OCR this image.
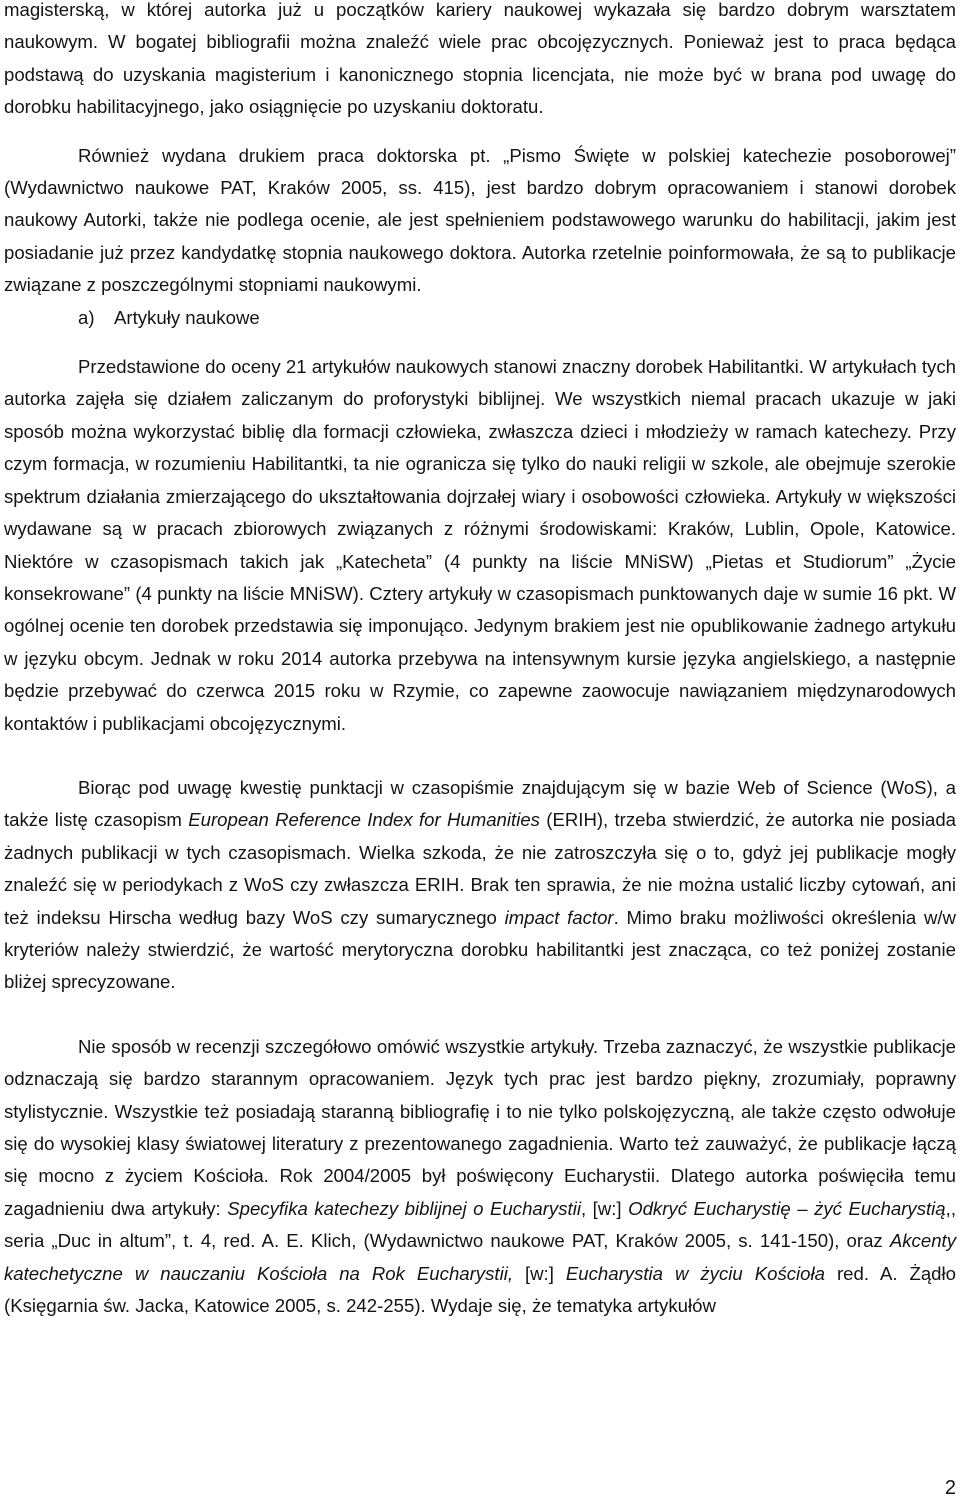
magisterską, w której autorka już u początków kariery naukowej wykazała się bardzo dobrym warsztatem naukowym. W bogatej bibliografii można znaleźć wiele prac obcojęzycznych. Ponieważ jest to praca będąca podstawą do uzyskania magisterium i kanonicznego stopnia licencjata, nie może być w brana pod uwagę do dorobku habilitacyjnego, jako osiągnięcie po uzyskaniu doktoratu.

Również wydana drukiem praca doktorska pt. „Pismo Święte w polskiej katechezie posoborowej” (Wydawnictwo naukowe PAT, Kraków 2005, ss. 415), jest bardzo dobrym opracowaniem i stanowi dorobek naukowy Autorki, także nie podlega ocenie, ale jest spełnieniem podstawowego warunku do habilitacji, jakim jest posiadanie już przez kandydatkę stopnia naukowego doktora. Autorka rzetelnie poinformowała, że są to publikacje związane z poszczególnymi stopniami naukowymi.

a) Artykuły naukowe

Przedstawione do oceny 21 artykułów naukowych stanowi znaczny dorobek Habilitantki. W artykułach tych autorka zajęła się działem zaliczanym do proforystyki biblijnej. We wszystkich niemal pracach ukazuje w jaki sposób można wykorzystać biblię dla formacji człowieka, zwłaszcza dzieci i młodzieży w ramach katechezy. Przy czym formacja, w rozumieniu Habilitantki, ta nie ogranicza się tylko do nauki religii w szkole, ale obejmuje szerokie spektrum działania zmierzającego do ukształtowania dojrzałej wiary i osobowości człowieka. Artykuły w większości wydawane są w pracach zbiorowych związanych z różnymi środowiskami: Kraków, Lublin, Opole, Katowice. Niektóre w czasopismach takich jak „Katecheta” (4 punkty na liście MNiSW) „Pietas et Studiorum” „Życie konsekrowane” (4 punkty na liście MNiSW). Cztery artykuły w czasopismach punktowanych daje w sumie 16 pkt. W ogólnej ocenie ten dorobek przedstawia się imponująco. Jedynym brakiem jest nie opublikowanie żadnego artykułu w języku obcym. Jednak w roku 2014 autorka przebywa na intensywnym kursie języka angielskiego, a następnie będzie przebywać do czerwca 2015 roku w Rzymie, co zapewne zaowocuje nawiązaniem międzynarodowych kontaktów i publikacjami obcojęzycznymi.

Biorąc pod uwagę kwestię punktacji w czasopiśmie znajdującym się w bazie Web of Science (WoS), a także listę czasopism European Reference Index for Humanities (ERIH), trzeba stwierdzić, że autorka nie posiada żadnych publikacji w tych czasopismach. Wielka szkoda, że nie zatroszczyła się o to, gdyż jej publikacje mogły znaleźć się w periodykach z WoS czy zwłaszcza ERIH. Brak ten sprawia, że nie można ustalić liczby cytowań, ani też indeksu Hirscha według bazy WoS czy sumarycznego impact factor. Mimo braku możliwości określenia w/w kryteriów należy stwierdzić, że wartość merytoryczna dorobku habilitantki jest znacząca, co też poniżej zostanie bliżej sprecyzowane.

Nie sposób w recenzji szczegółowo omówić wszystkie artykuły. Trzeba zaznaczyć, że wszystkie publikacje odznaczają się bardzo starannym opracowaniem. Język tych prac jest bardzo piękny, zrozumiały, poprawny stylistycznie. Wszystkie też posiadają staranną bibliografię i to nie tylko polskojęzyczną, ale także często odwołuje się do wysokiej klasy światowej literatury z prezentowanego zagadnienia. Warto też zauważyć, że publikacje łączą się mocno z życiem Kościoła. Rok 2004/2005 był poświęcony Eucharystii. Dlatego autorka poświęciła temu zagadnieniu dwa artykuły: Specyfika katechezy biblijnej o Eucharystii, [w:] Odkryć Eucharystię – żyć Eucharystią,, seria „Duc in altum”, t. 4, red. A. E. Klich, (Wydawnictwo naukowe PAT, Kraków 2005, s. 141-150), oraz Akcenty katechetyczne w nauczaniu Kościoła na Rok Eucharystii, [w:] Eucharystia w życiu Kościoła red. A. Żądło (Księgarnia św. Jacka, Katowice 2005, s. 242-255). Wydaje się, że tematyka artykułów

2
